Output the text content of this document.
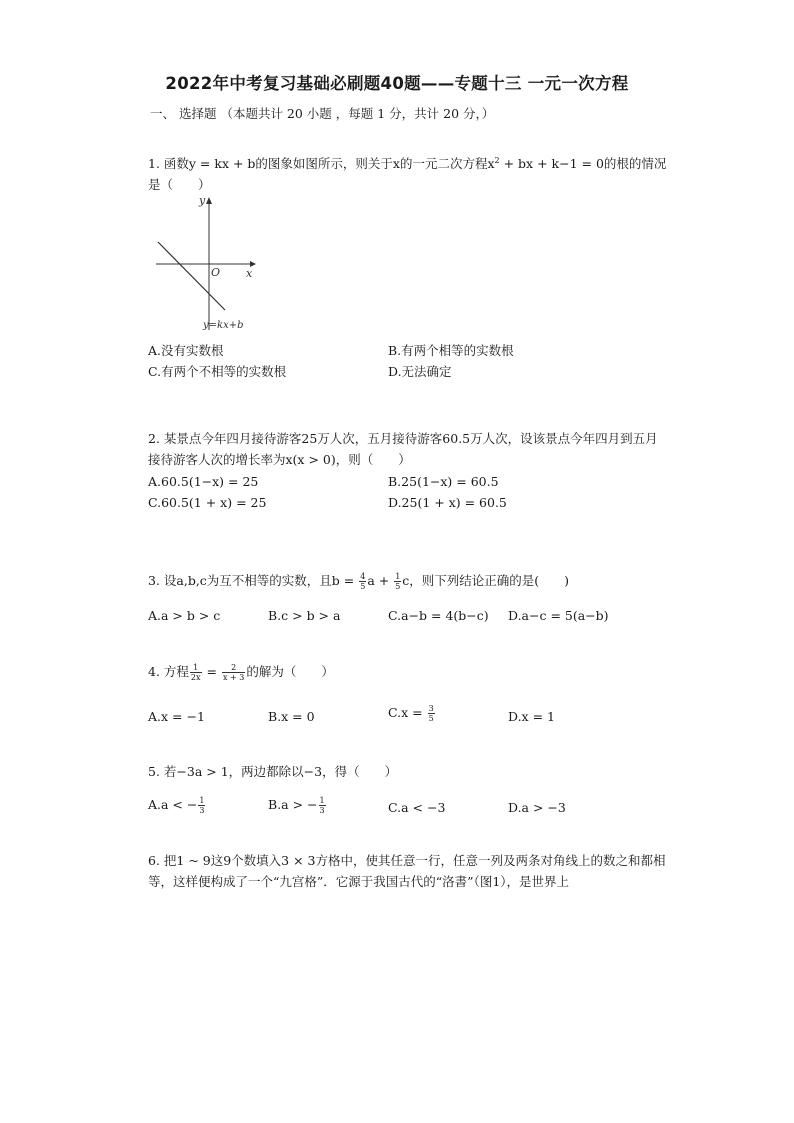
2022年中考复习基础必刷题40题——专题十三 一元一次方程
一、 选择题 （本题共计 20 小题 ，每题 1 分，共计 20 分，）
1. 函数y = kx + b的图象如图所示，则关于x的一元二次方程$x^2$ + bx + k−1 = 0的根的情况是（　　）
y
x
O
y=kx+b
A.没有实数根	B.有两个相等的实数根
C.有两个不相等的实数根	D.无法确定
2. 某景点今年四月接待游客25万人次，五月接待游客60.5万人次，设该景点今年四月到五月接待游客人次的增长率为x(x > 0)，则（　　）
A.60.5(1−x) = 25	B.25(1−x) = 60.5
C.60.5(1 + x) = 25	D.25(1 + x) = 60.5
3. 设a,b,c为互不相等的实数，且$b = \frac{4}{5}$ $a + \frac{1}{5}$ c，则下列结论正确的是(　　)
A.a > b > c	B.c > b > a	C.a−b = 4(b−c) D.a−c = 5(a−b)
4. 方程 $\frac{1}{2x} = \frac{2}{x + 3}$ 的解为（　　）
A.x = −1	B.x = 0	$C.x = \frac{3}{5}$	D.x = 1
5. 若−3a > 1，两边都除以−3，得（　　）
A.a < − $\frac{1}{3}$	B.a > − $\frac{1}{3}$	C.a < −3	D.a > −3
6. 把1 ~ 9这9个数填入3 × 3方格中，使其任意一行，任意一列及两条对角线上的数之和都相等，这样便构成了一个“九宫格”．它源于我国古代的“洛書”（图1），是世界上
